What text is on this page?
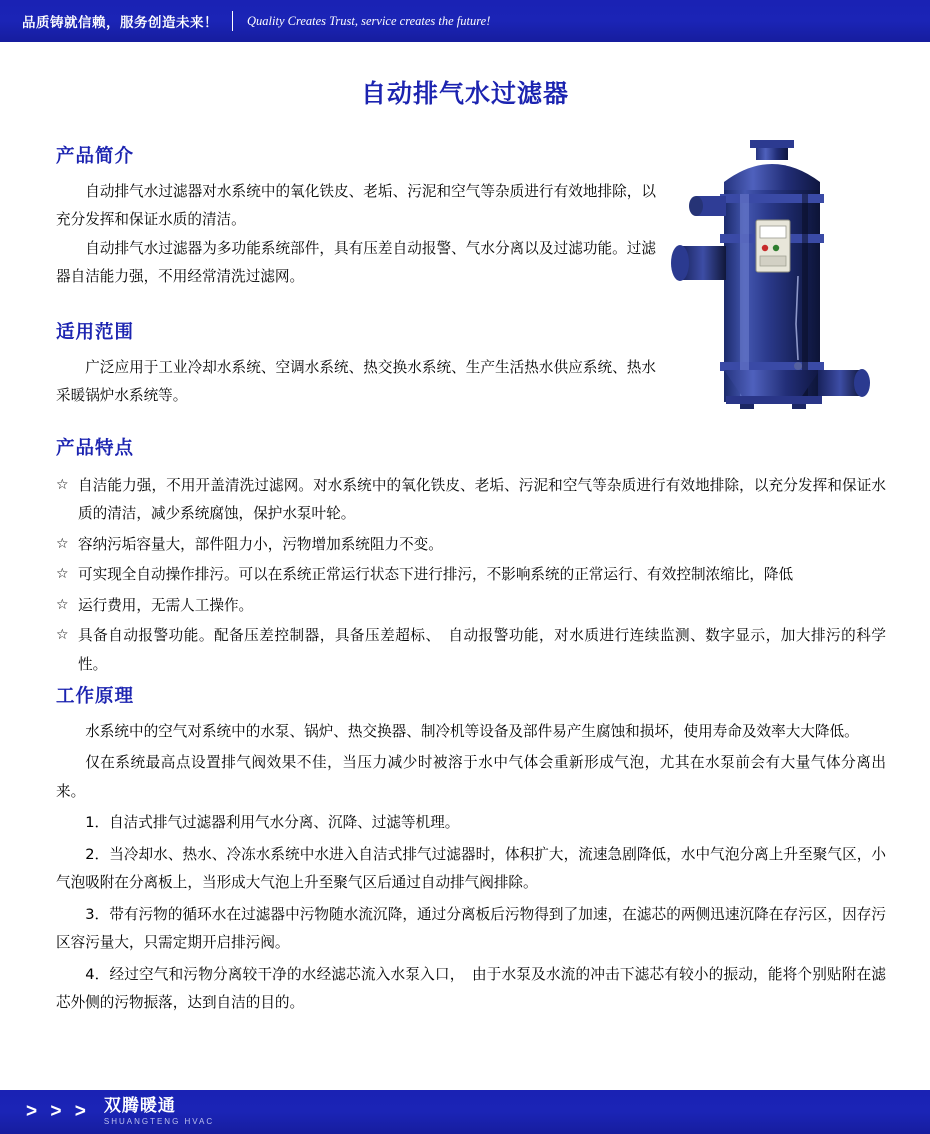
品质铸就信赖，服务创造未来！ Quality Creates Trust, service creates the future!
自动排气水过滤器
产品简介
自动排气水过滤器对水系统中的氧化铁皮、老垢、污泥和空气等杂质进行有效地排除，以充分发挥和保证水质的清洁。
自动排气水过滤器为多功能系统部件，具有压差自动报警、气水分离以及过滤功能。过滤器自洁能力强，不用经常清洗过滤网。
适用范围
广泛应用于工业冷却水系统、空调水系统、热交换水系统、生产生活热水供应系统、热水采暖锅炉水系统等。
产品特点
☆ 自洁能力强，不用开盖清洗过滤网。对水系统中的氧化铁皮、老垢、污泥和空气等杂质进行有效地排除，以充分发挥和保证水质的清洁，减少系统腐蚀，保护水泵叶轮。
☆ 容纳污垢容量大，部件阻力小，污物增加系统阻力不变。
☆ 可实现全自动操作排污。可以在系统正常运行状态下进行排污，不影响系统的正常运行、有效控制浓缩比，降低
☆ 运行费用，无需人工操作。
☆ 具备自动报警功能。配备压差控制器，具备压差超标、　自动报警功能，对水质进行连续监测、数字显示，加大排污的科学性。
工作原理

水系统中的空气对系统中的水泵、锅炉、热交换器、制冷机等设备及部件易产生腐蚀和损坏，使用寿命及效率大大降低。

仅在系统最高点设置排气阀效果不佳，当压力减少时被溶于水中气体会重新形成气泡，尤其在水泵前会有大量气体分离出来。

1．自洁式排气过滤器利用气水分离、沉降、过滤等机理。

2．当冷却水、热水、冷冻水系统中水进入自洁式排气过滤器时，体积扩大，流速急剧降低，水中气泡分离上升至聚气区，小气泡吸附在分离板上，当形成大气泡上升至聚气区后通过自动排气阀排除。

3．带有污物的循环水在过滤器中污物随水流沉降，通过分离板后污物得到了加速，在滤芯的两侧迅速沉降在存污区，因存污区容污量大，只需定期开启排污阀。

4．经过空气和污物分离较干净的水经滤芯流入水泵入口，　由于水泵及水流的冲击下滤芯有较小的振动，能将个别贴附在滤芯外侧的污物振落，达到自洁的目的。

> > > 双腾暖通
SHUANGTENG HVAC
